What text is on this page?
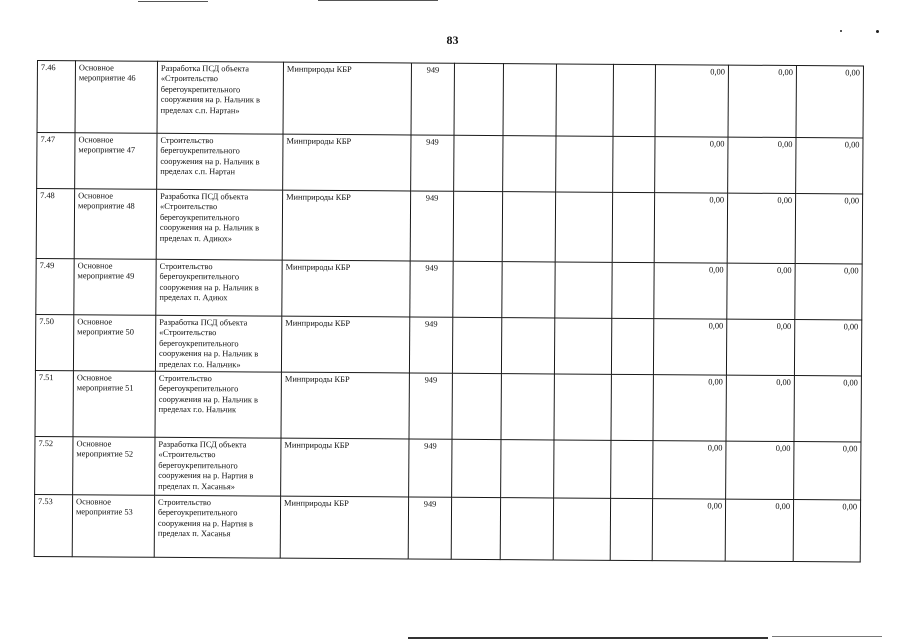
83
7.46	Основное мероприятие 46	Разработка ПСД объекта «Строительство берегоукрепительного сооружения на р. Нальчик в пределах с.п. Нартан»	Минприроды КБР	949					0,00	0,00	0,00
7.47	Основное мероприятие 47	Строительство берегоукрепительного сооружения на р. Нальчик в пределах с.п. Нартан	Минприроды КБР	949					0,00	0,00	0,00
7.48	Основное мероприятие 48	Разработка ПСД объекта «Строительство берегоукрепительного сооружения на р. Нальчик в пределах п. Адиюх»	Минприроды КБР	949					0,00	0,00	0,00
7.49	Основное мероприятие 49	Строительство берегоукрепительного сооружения на р. Нальчик в пределах п. Адиюх	Минприроды КБР	949					0,00	0,00	0,00
7.50	Основное мероприятие 50	Разработка ПСД объекта «Строительство берегоукрепительного сооружения на р. Нальчик в пределах г.о. Нальчик»	Минприроды КБР	949					0,00	0,00	0,00
7.51	Основное мероприятие 51	Строительство берегоукрепительного сооружения на р. Нальчик в пределах г.о. Нальчик	Минприроды КБР	949					0,00	0,00	0,00
7.52	Основное мероприятие 52	Разработка ПСД объекта «Строительство берегоукрепительного сооружения на р. Нартия в пределах п. Хасанья»	Минприроды КБР	949					0,00	0,00	0,00
7.53	Основное мероприятие 53	Строительство берегоукрепительного сооружения на р. Нартия в пределах п. Хасанья	Минприроды КБР	949					0,00	0,00	0,00
